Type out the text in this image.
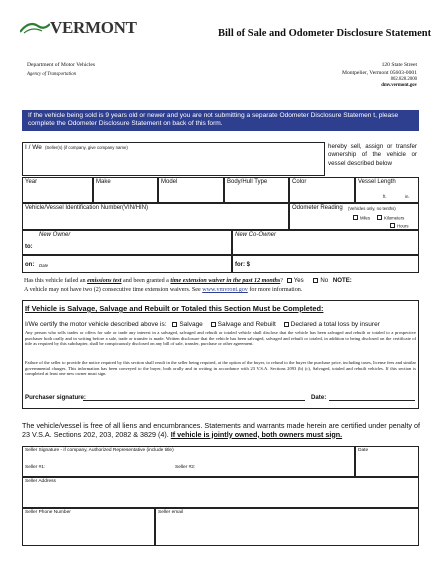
VERMONT	Bill of Sale and Odometer Disclosure Statement
Department of Motor Vehicles
Agency of Transportation
120 State Street
Montpelier, Vermont 05603-0001
802.828.2000
dmv.vermont.gov
If the vehicle being sold is 9 years old or newer and you are not submitting a separate Odometer Disclosure Statemen t, please complete the Odometer Disclosure Statement on back of this form.
I / We (Seller(s) (if company, give company name)	hereby sell, assign or transfer ownership of the vehicle or vessel described below
Year	Make	Model	Body/Hull Type	Color	Vessel Length
ft.	in.
Vehicle/Vessel Identification Number(VIN/HIN)	Odometer Reading (Vehicles only, no tenths)
Miles	Kilometers
Hours
New Owner
to:
New Co-Owner
on: Date	for: $
Has this vehicle failed an emissions test and been granted a time extension waiver in the past 12 months? Yes	No NOTE:
A vehicle may not have two (2) consecutive time extension waivers. See www.vmvront.gov for more information.
If Vehicle is Salvage, Salvage and Rebuilt or Totaled this Section Must be Completed:
I/We certify the motor vehicle described above is: Salvage Salvage and Rebuilt Declared a total loss by insurer
Any person who sells trades or offers for sale or trade any interest in a salvaged, salvaged and rebuilt or totaled vehicle shall disclose that the vehicle has been salvaged and rebuilt or totaled to a prospective purchaser both orally and in writing before a sale, trade or transfer is made. Written disclosure that the vehicle has been salvaged, salvaged and rebuilt or totaled, in addition to being disclosed on the certificate of title as required by this subchapter, shall be conspicuously disclosed on any bill of sale, transfer, purchase or other agreement.
Failure of the seller to provide the notice required by this section shall result in the seller being required, at the option of the buyer, to refund to the buyer the purchase price, including taxes, license fees and similar governmental charges. This information has been conveyed to the buyer, both orally and in writing in accordance with 23 V.S.A. Sections 2093 (b) (c), Salvaged, totaled and rebuilt vehicles. If this section is completed at least one new owner must sign.
Purchaser signature:	Date:
The vehicle/vessel is free of all liens and encumbrances. Statements and warrants made herein are certified under penalty of 23 V.S.A. Sections 202, 203, 2082 & 3829 (4). If vehicle is jointly owned, both owners must sign.
Seller Signature - if company, Authorized Representative (include title)
Seller #1:	Seller #2:
Date
Seller Address
Seller Phone Number	Seller email
